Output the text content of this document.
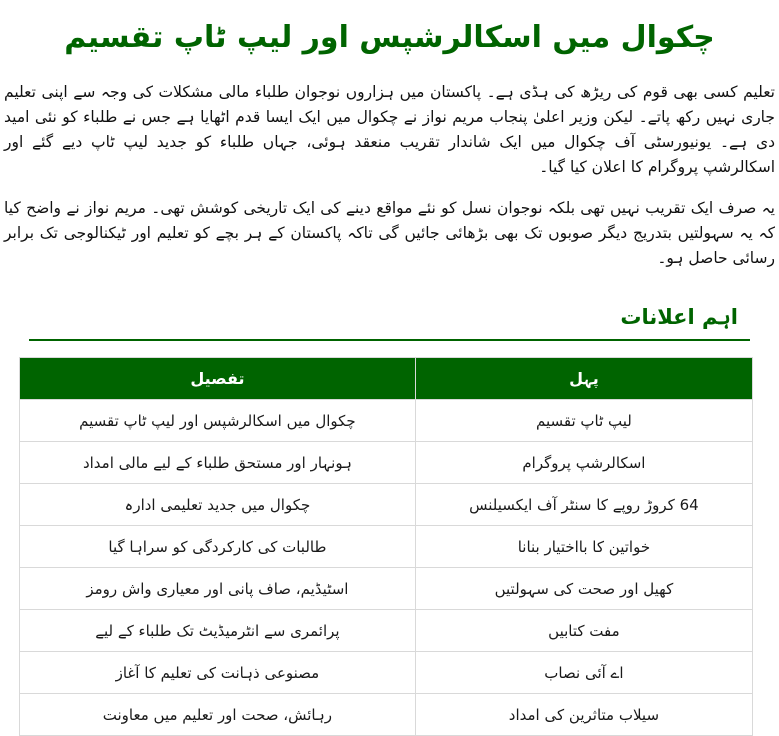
چکوال میں اسکالرشپس اور لیپ ٹاپ تقسیم

تعلیم کسی بھی قوم کی ریڑھ کی ہڈی ہے۔ پاکستان میں ہزاروں نوجوان طلباء مالی مشکلات کی وجہ سے اپنی تعلیم جاری نہیں رکھ پاتے۔ لیکن وزیر اعلیٰ پنجاب مریم نواز نے چکوال میں ایک ایسا قدم اٹھایا ہے جس نے طلباء کو نئی امید دی ہے۔ یونیورسٹی آف چکوال میں ایک شاندار تقریب منعقد ہوئی، جہاں طلباء کو جدید لیپ ٹاپ دیے گئے اور اسکالرشپ پروگرام کا اعلان کیا گیا۔

یہ صرف ایک تقریب نہیں تھی بلکہ نوجوان نسل کو نئے مواقع دینے کی ایک تاریخی کوشش تھی۔ مریم نواز نے واضح کیا کہ یہ سہولتیں بتدریج دیگر صوبوں تک بھی بڑھائی جائیں گی تاکہ پاکستان کے ہر بچے کو تعلیم اور ٹیکنالوجی تک برابر رسائی حاصل ہو۔

اہم اعلانات
پہل	تفصیل
لیپ ٹاپ تقسیم	چکوال میں اسکالرشپس اور لیپ ٹاپ تقسیم
اسکالرشپ پروگرام	ہونہار اور مستحق طلباء کے لیے مالی امداد
64 کروڑ روپے کا سنٹر آف ایکسیلنس	چکوال میں جدید تعلیمی ادارہ
خواتین کا بااختیار بنانا	طالبات کی کارکردگی کو سراہا گیا
کھیل اور صحت کی سہولتیں	اسٹیڈیم، صاف پانی اور معیاری واش رومز
مفت کتابیں	پرائمری سے انٹرمیڈیٹ تک طلباء کے لیے
اے آئی نصاب	مصنوعی ذہانت کی تعلیم کا آغاز
سیلاب متاثرین کی امداد	رہائش، صحت اور تعلیم میں معاونت
